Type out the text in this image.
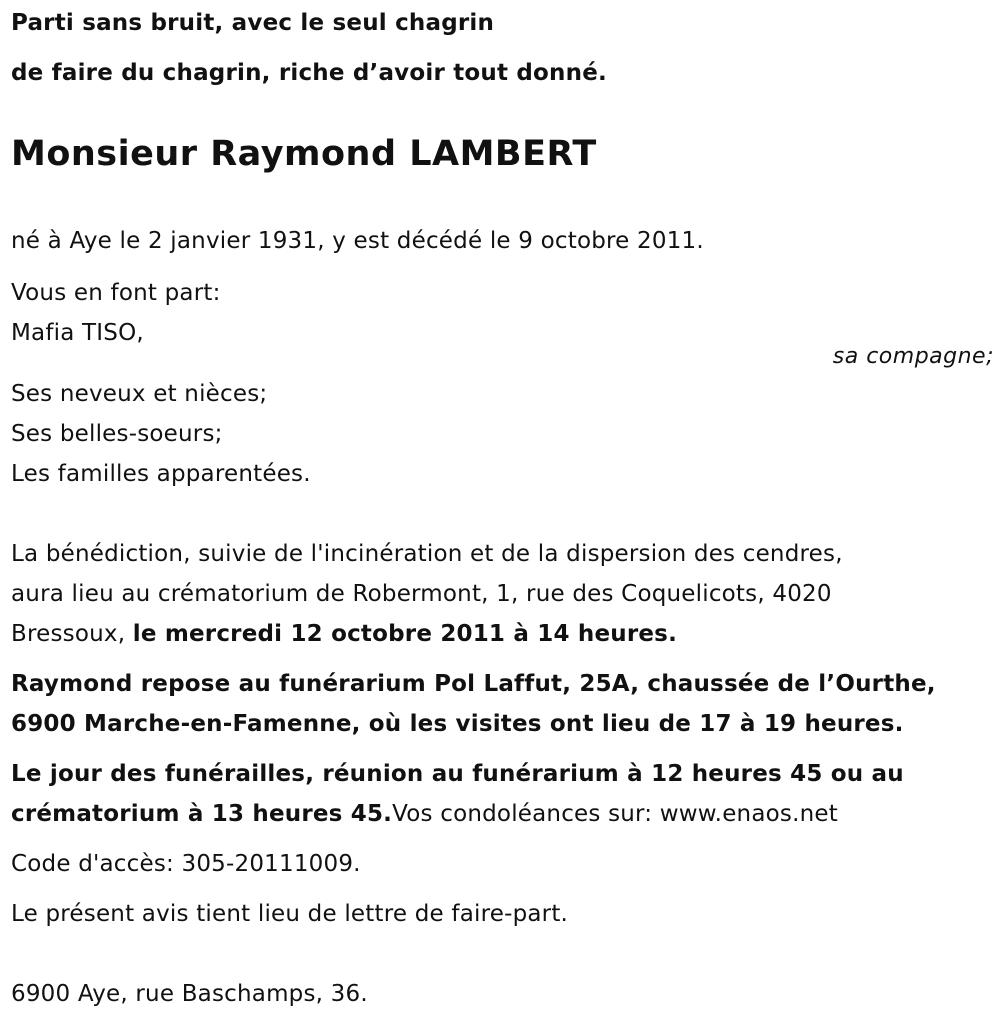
Parti sans bruit, avec le seul chagrin
de faire du chagrin, riche d’avoir tout donné.
Monsieur Raymond LAMBERT
né à Aye le 2 janvier 1931, y est décédé le 9 octobre 2011.
Vous en font part:
Mafia TISO,
Ses neveux et nièces;
Ses belles-soeurs;
Les familles apparentées.
La bénédiction, suivie de l'incinération et de la dispersion des cendres,
aura lieu au crématorium de Robermont, 1, rue des Coquelicots, 4020
Bressoux, le mercredi 12 octobre 2011 à 14 heures.
Raymond repose au funérarium Pol Laffut, 25A, chaussée de l’Ourthe,
6900 Marche-en-Famenne, où les visites ont lieu de 17 à 19 heures.
Le jour des funérailles, réunion au funérarium à 12 heures 45 ou au
crématorium à 13 heures 45.Vos condoléances sur: www.enaos.net
Code d'accès: 305-20111009.
Le présent avis tient lieu de lettre de faire-part.
6900 Aye, rue Baschamps, 36.
sa compagne;
